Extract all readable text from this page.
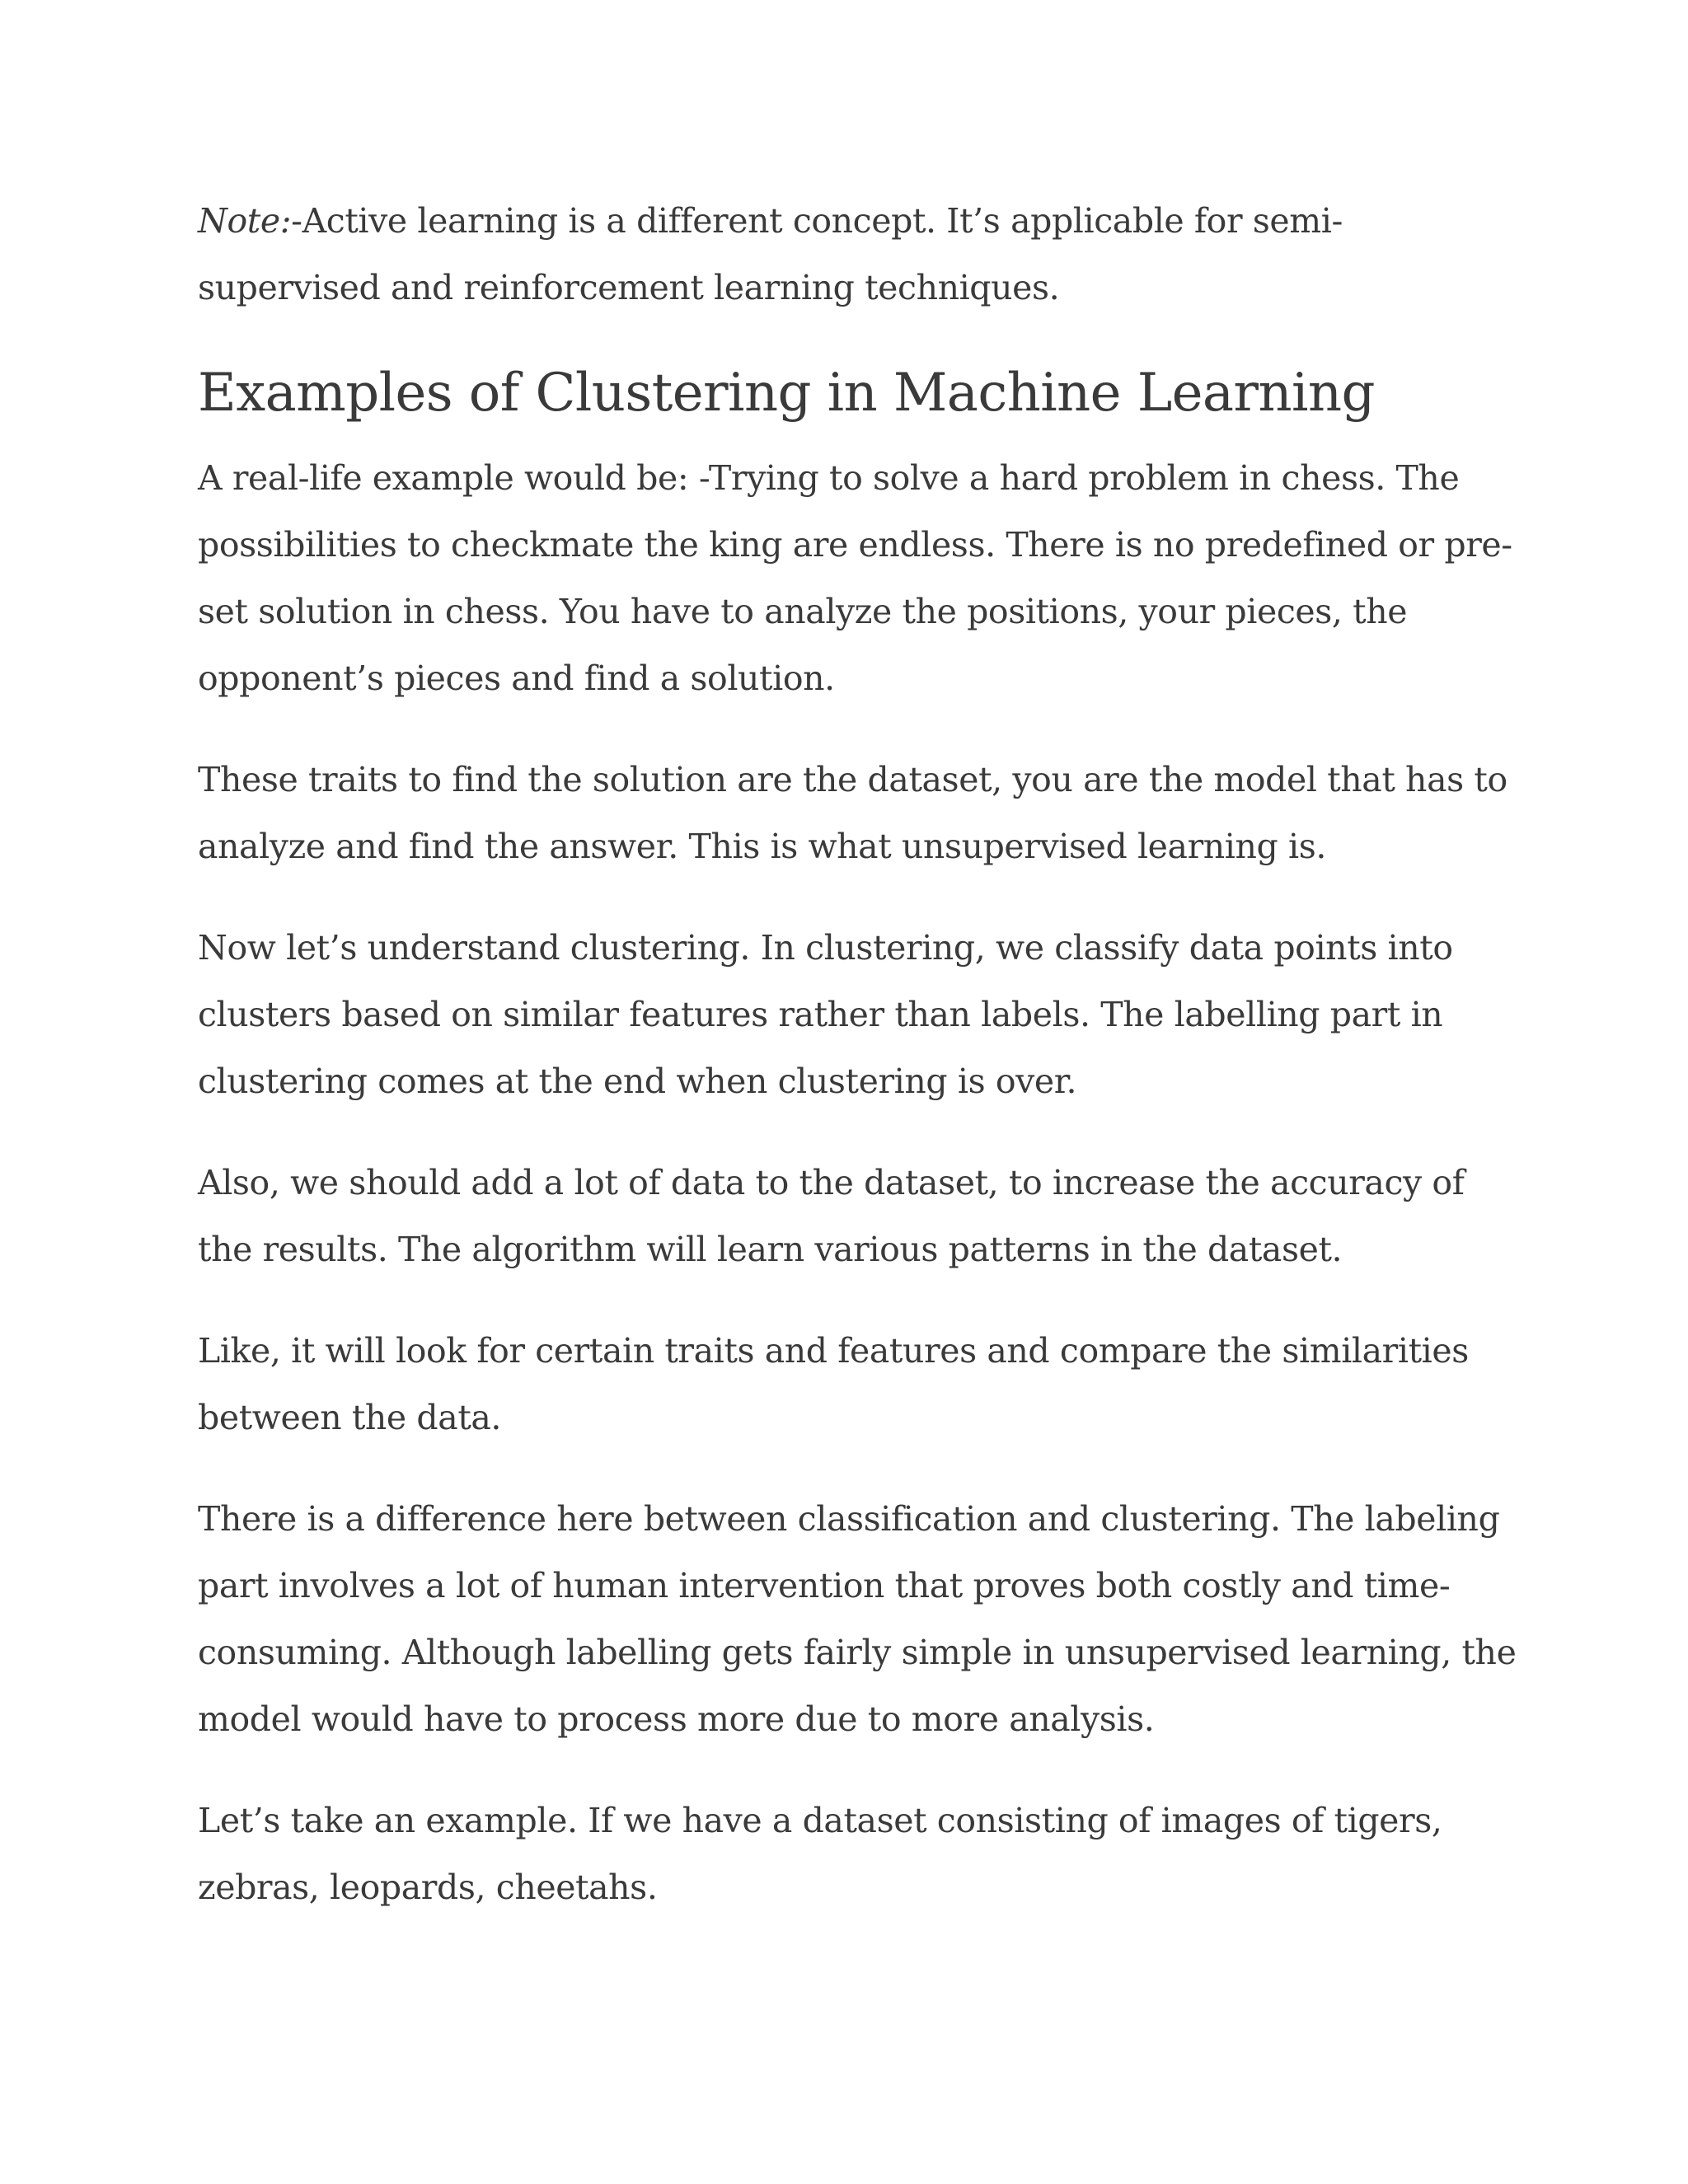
Note:-Active learning is a different concept. It’s applicable for semi-supervised and reinforcement learning techniques.

Examples of Clustering in Machine Learning

A real-life example would be: -Trying to solve a hard problem in chess. The possibilities to checkmate the king are endless. There is no predefined or pre-set solution in chess. You have to analyze the positions, your pieces, the opponent’s pieces and find a solution.

These traits to find the solution are the dataset, you are the model that has to analyze and find the answer. This is what unsupervised learning is.

Now let’s understand clustering. In clustering, we classify data points into clusters based on similar features rather than labels. The labelling part in clustering comes at the end when clustering is over.

Also, we should add a lot of data to the dataset, to increase the accuracy of the results. The algorithm will learn various patterns in the dataset.

Like, it will look for certain traits and features and compare the similarities between the data.

There is a difference here between classification and clustering. The labeling part involves a lot of human intervention that proves both costly and time-consuming. Although labelling gets fairly simple in unsupervised learning, the model would have to process more due to more analysis.

Let’s take an example. If we have a dataset consisting of images of tigers, zebras, leopards, cheetahs.
